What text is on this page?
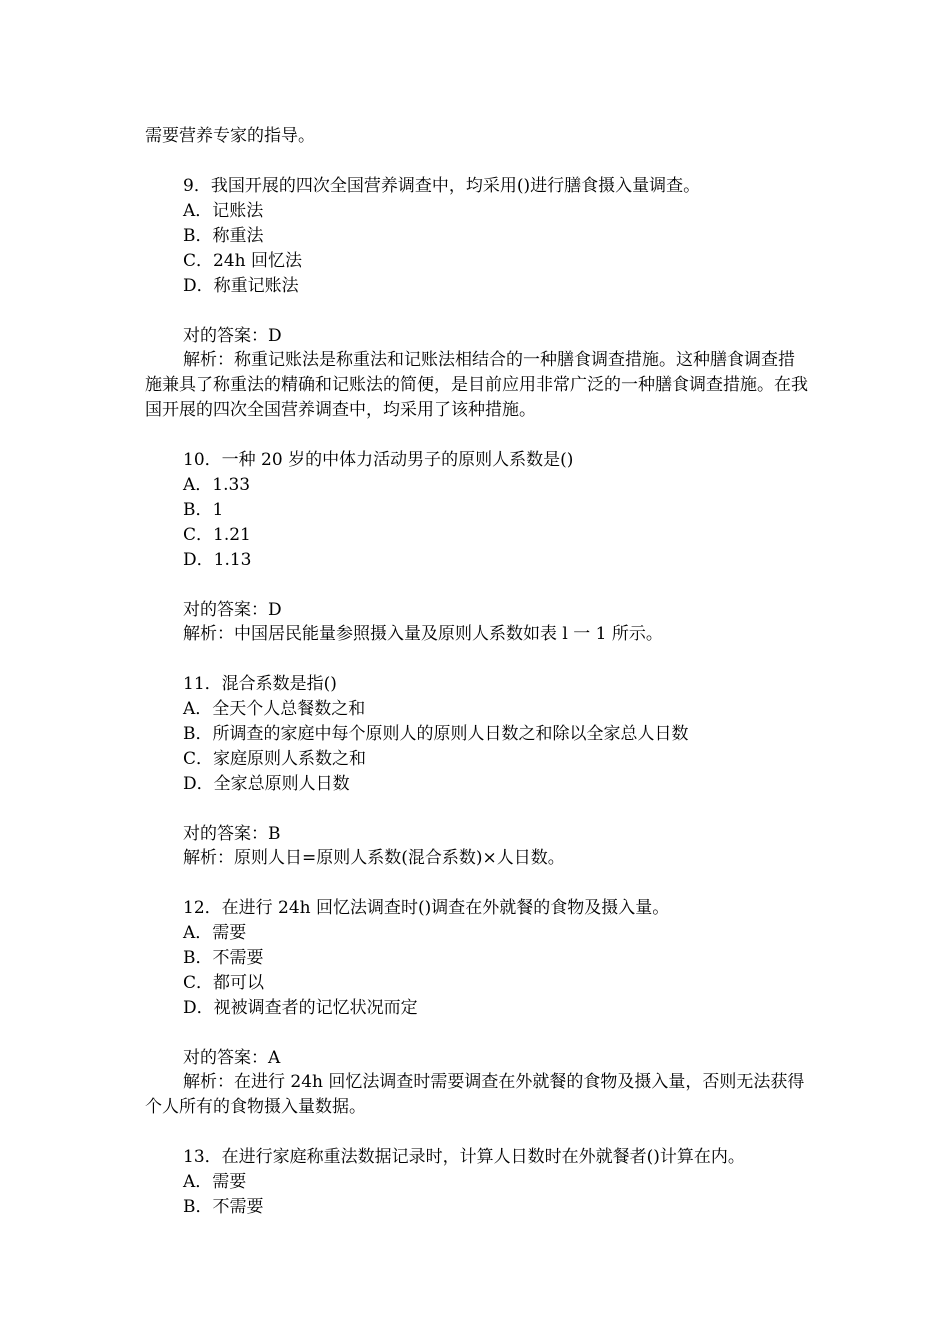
需要营养专家的指导。

9．我国开展的四次全国营养调查中，均采用()进行膳食摄入量调查。

A．记账法

B．称重法

C．24h 回忆法

D．称重记账法

对的答案：D

解析：称重记账法是称重法和记账法相结合的一种膳食调查措施。这种膳食调查措施兼具了称重法的精确和记账法的简便，是目前应用非常广泛的一种膳食调查措施。在我国开展的四次全国营养调查中，均采用了该种措施。

10．一种 20 岁的中体力活动男子的原则人系数是()

A．1.33

B．1

C．1.21

D．1.13

对的答案：D

解析：中国居民能量参照摄入量及原则人系数如表 l 一 1 所示。

11．混合系数是指()

A．全天个人总餐数之和

B．所调查的家庭中每个原则人的原则人日数之和除以全家总人日数

C．家庭原则人系数之和

D．全家总原则人日数

对的答案：B

解析：原则人日=原则人系数(混合系数)×人日数。

12．在进行 24h 回忆法调查时()调查在外就餐的食物及摄入量。

A．需要

B．不需要

C．都可以

D．视被调查者的记忆状况而定

对的答案：A

解析：在进行 24h 回忆法调查时需要调查在外就餐的食物及摄入量，否则无法获得个人所有的食物摄入量数据。

13．在进行家庭称重法数据记录时，计算人日数时在外就餐者()计算在内。

A．需要

B．不需要
